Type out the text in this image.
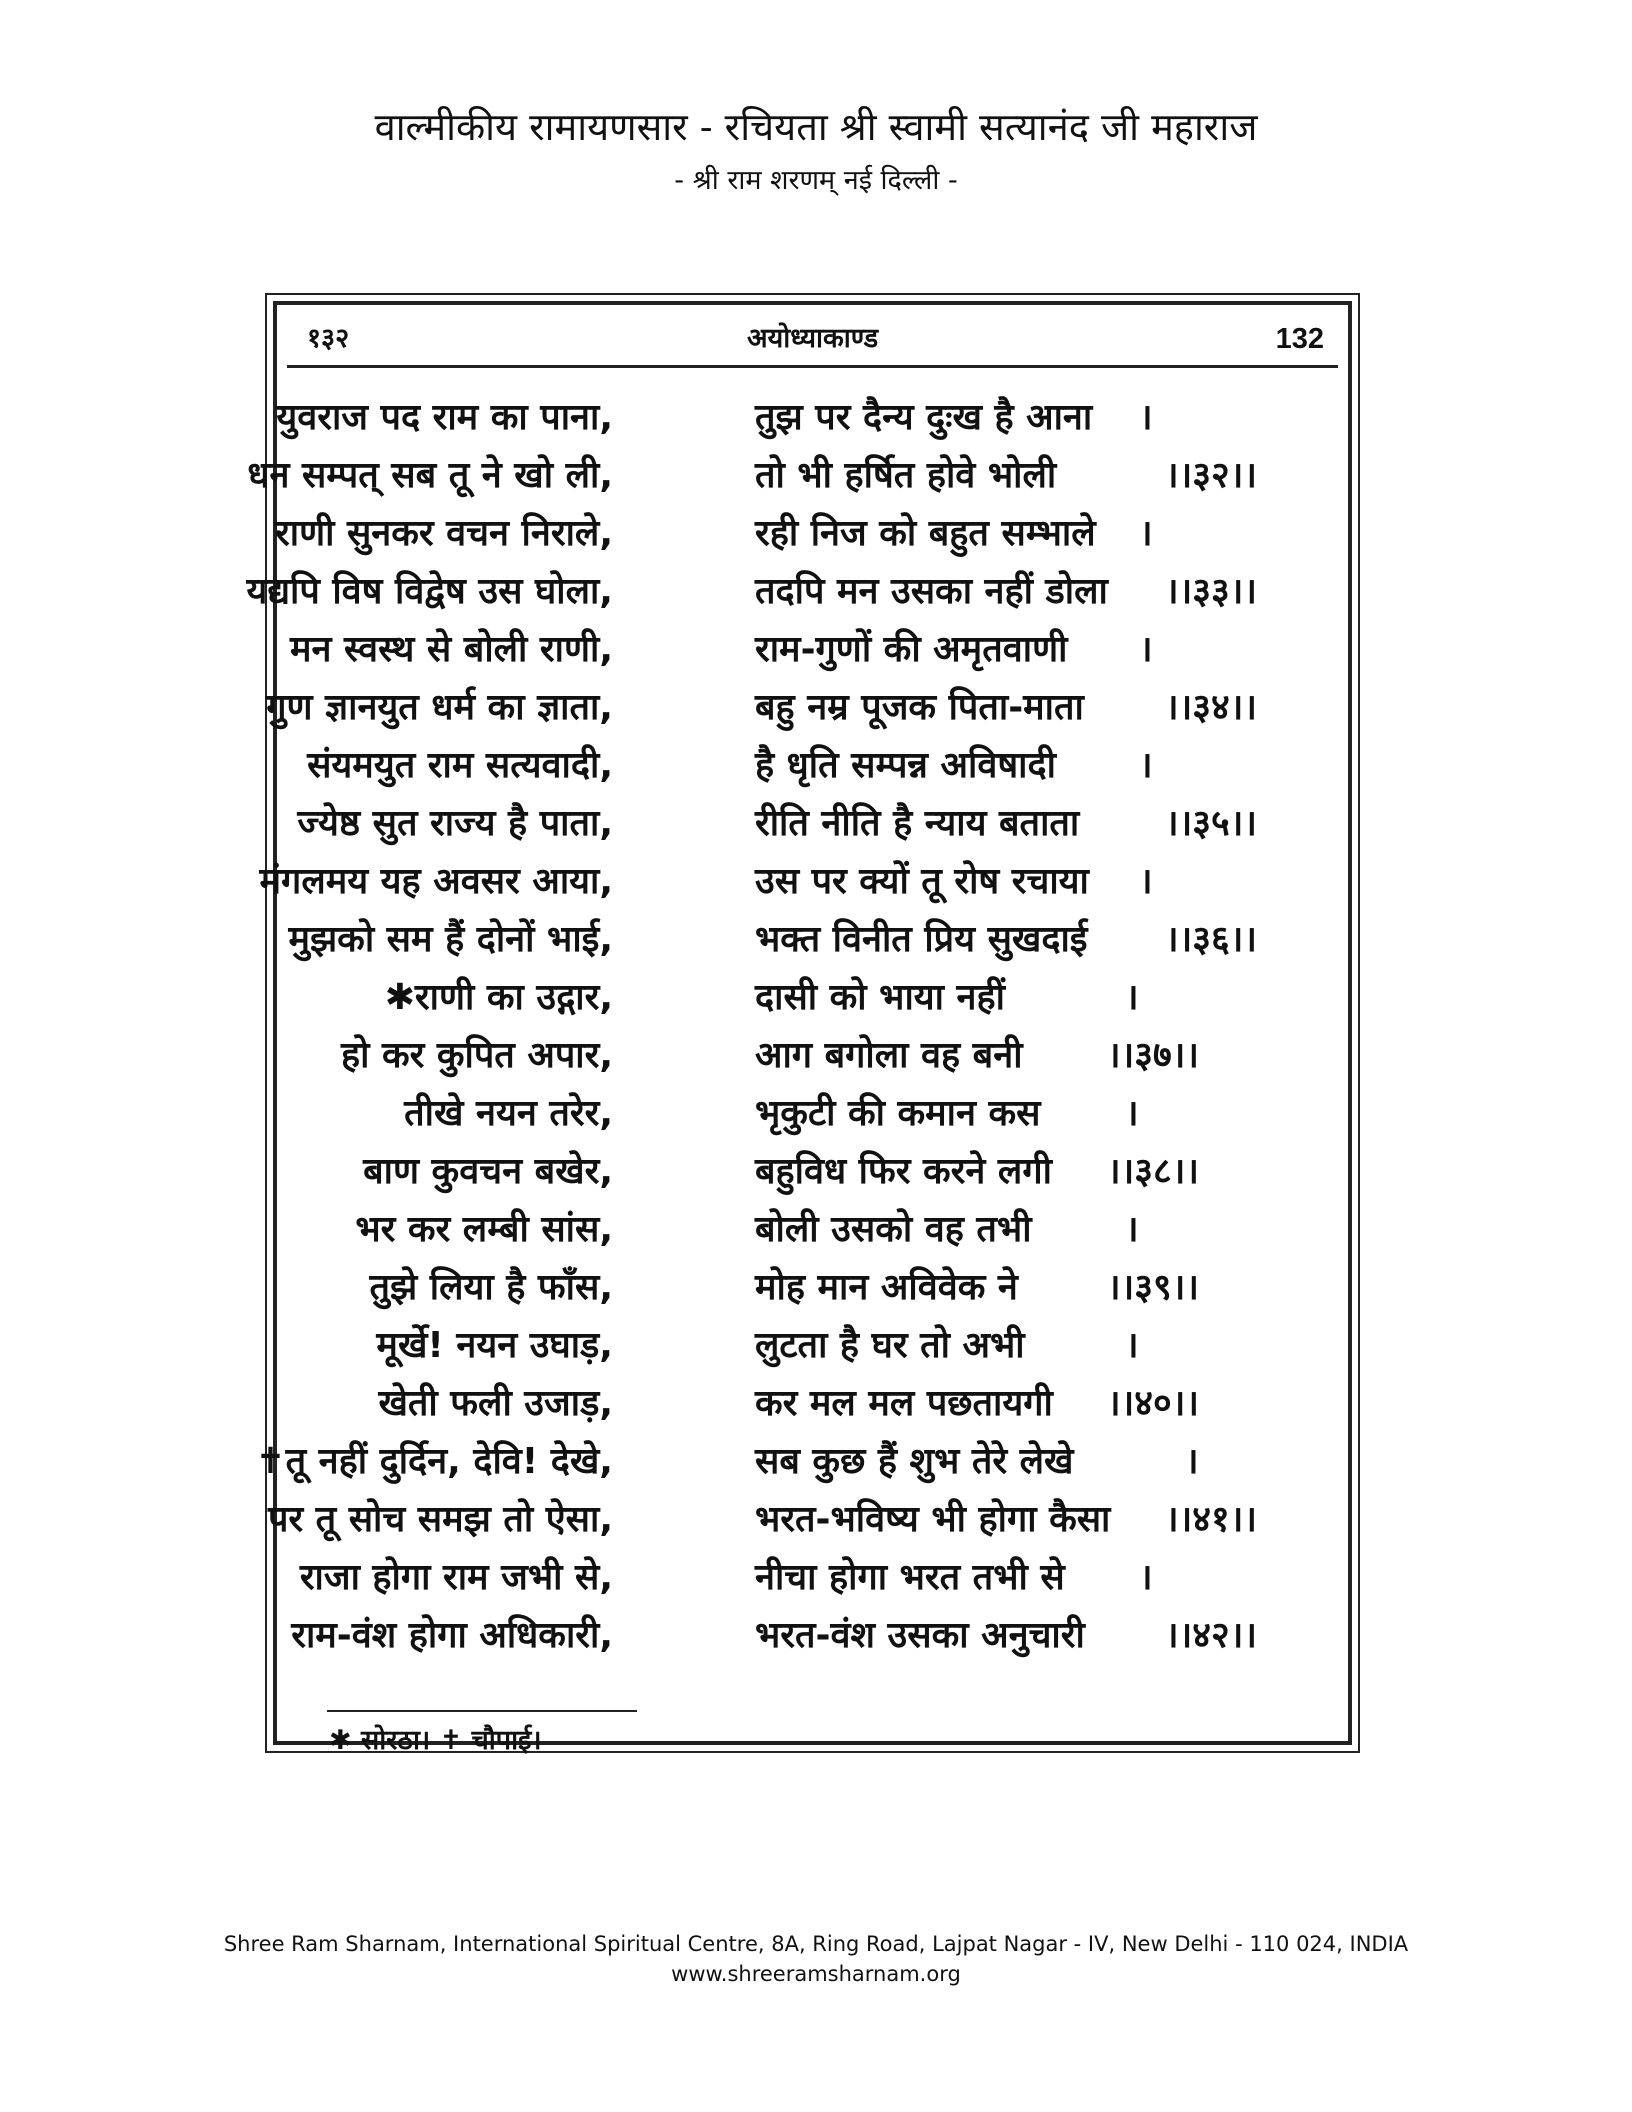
वाल्मीकीय रामायणसार - रचियता श्री स्वामी सत्यानंद जी महाराज
- श्री राम शरणम् नई दिल्ली -
१३२	अयोध्याकाण्ड	132
युवराज पद राम का पाना,	तुझ पर दैन्य दुःख है आना ।
धन सम्पत् सब तू ने खो ली,	तो भी हर्षित होवे भोली	।।३२।।
राणी सुनकर वचन निराले,	रही निज को बहुत सम्भाले ।
यद्यपि विष विद्वेष उस घोला,	तदपि मन उसका नहीं डोला ।।३३।।
मन स्वस्थ से बोली राणी,	राम-गुणों की अमृतवाणी ।
गुण ज्ञानयुत धर्म का ज्ञाता,	बहु नम्र पूजक पिता-माता ।।३४।।
संयमयुत राम सत्यवादी,	है धृति सम्पन्न अविषादी ।
ज्येष्ठ सुत राज्य है पाता,	रीति नीति है न्याय बताता ।।३५।।
मंगलमय यह अवसर आया,	उस पर क्यों तू रोष रचाया ।
मुझको सम हैं दोनों भाई,	भक्त विनीत प्रिय सुखदाई ।।३६।।
✱राणी का उद्गार,	दासी को भाया नहीं	।
हो कर कुपित अपार,	आग बगोला वह बनी ।।३७।।
तीखे नयन तरेर,	भृकुटी की कमान कस ।
बाण कुवचन बखेर,	बहुविध फिर करने लगी ।।३८।।
भर कर लम्बी सांस,	बोली उसको वह तभी	।
तुझे लिया है फाँस,	मोह मान अविवेक ने ।।३९।।
मूर्खे! नयन उघाड़,	लुटता है घर तो अभी	।
खेती फली उजाड़,	कर मल मल पछतायगी ।।४०।।
✝तू नहीं दुर्दिन, देवि! देखे,	सब कुछ हैं शुभ तेरे लेखे	।
पर तू सोच समझ तो ऐसा,	भरत-भविष्य भी होगा कैसा ।।४१।।
राजा होगा राम जभी से,	नीचा होगा भरत तभी से ।
राम-वंश होगा अधिकारी,	भरत-वंश उसका अनुचारी ।।४२।।
✱ सोरठा। ✝ चौपाई।
Shree Ram Sharnam, International Spiritual Centre, 8A, Ring Road, Lajpat Nagar - IV, New Delhi - 110 024, INDIA
www.shreeramsharnam.org
